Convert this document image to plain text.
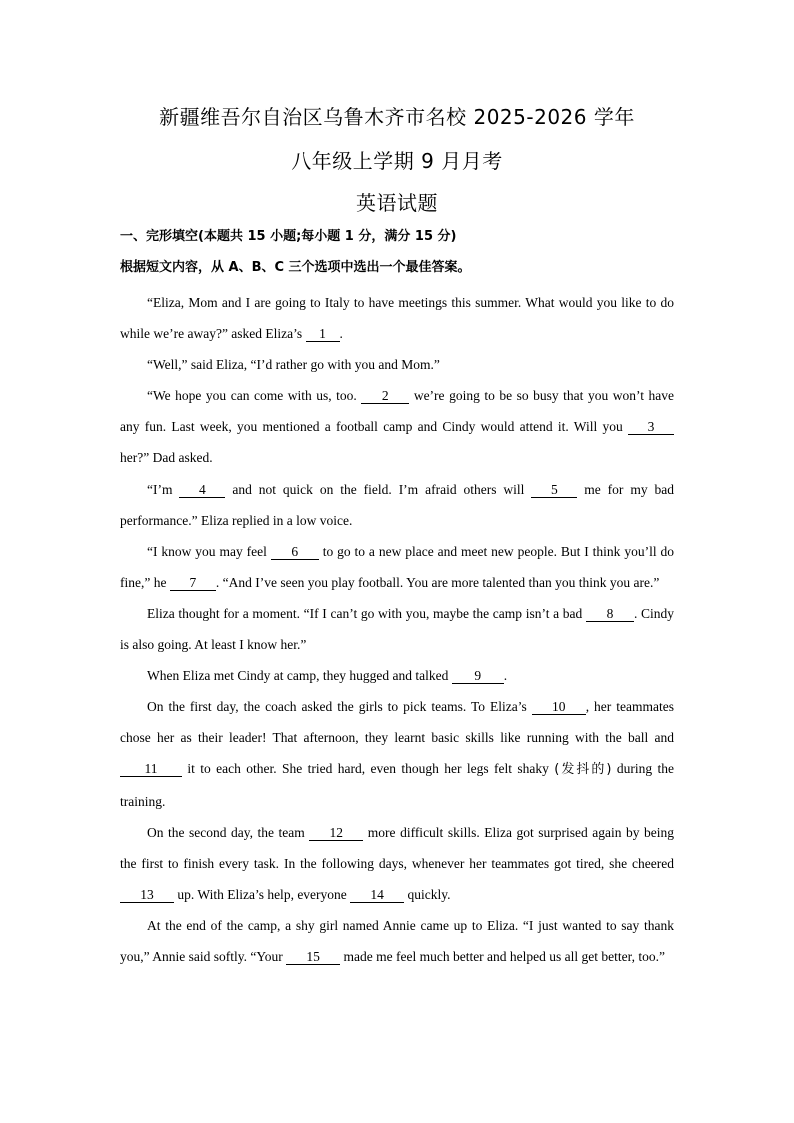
新疆维吾尔自治区乌鲁木齐市名校 2025-2026 学年
八年级上学期 9 月月考
英语试题
一、完形填空(本题共 15 小题;每小题 1 分，满分 15 分)
根据短文内容，从 A、B、C 三个选项中选出一个最佳答案。

“Eliza, Mom and I are going to Italy to have meetings this summer. What would you like to do while we’re away?” asked Eliza’s 1 .

“Well,” said Eliza, “I’d rather go with you and Mom.”

“We hope you can come with us, too. 2 we’re going to be so busy that you won’t have any fun. Last week, you mentioned a football camp and Cindy would attend it. Will you 3 her?” Dad asked.

“I’m 4 and not quick on the field. I’m afraid others will 5 me for my bad performance.” Eliza replied in a low voice.

“I know you may feel 6 to go to a new place and meet new people. But I think you’ll do fine,” he 7 . “And I’ve seen you play football. You are more talented than you think you are.”

Eliza thought for a moment. “If I can’t go with you, maybe the camp isn’t a bad 8 . Cindy is also going. At least I know her.”

When Eliza met Cindy at camp, they hugged and talked 9 .

On the first day, the coach asked the girls to pick teams. To Eliza’s 10 , her teammates chose her as their leader! That afternoon, they learnt basic skills like running with the ball and 11 it to each other. She tried hard, even though her legs felt shaky (发抖的) during the training.

On the second day, the team 12 more difficult skills. Eliza got surprised again by being the first to finish every task. In the following days, whenever her teammates got tired, she cheered 13 up. With Eliza’s help, everyone 14 quickly.

At the end of the camp, a shy girl named Annie came up to Eliza. “I just wanted to say thank you,” Annie said softly. “Your 15 made me feel much better and helped us all get better, too.”
